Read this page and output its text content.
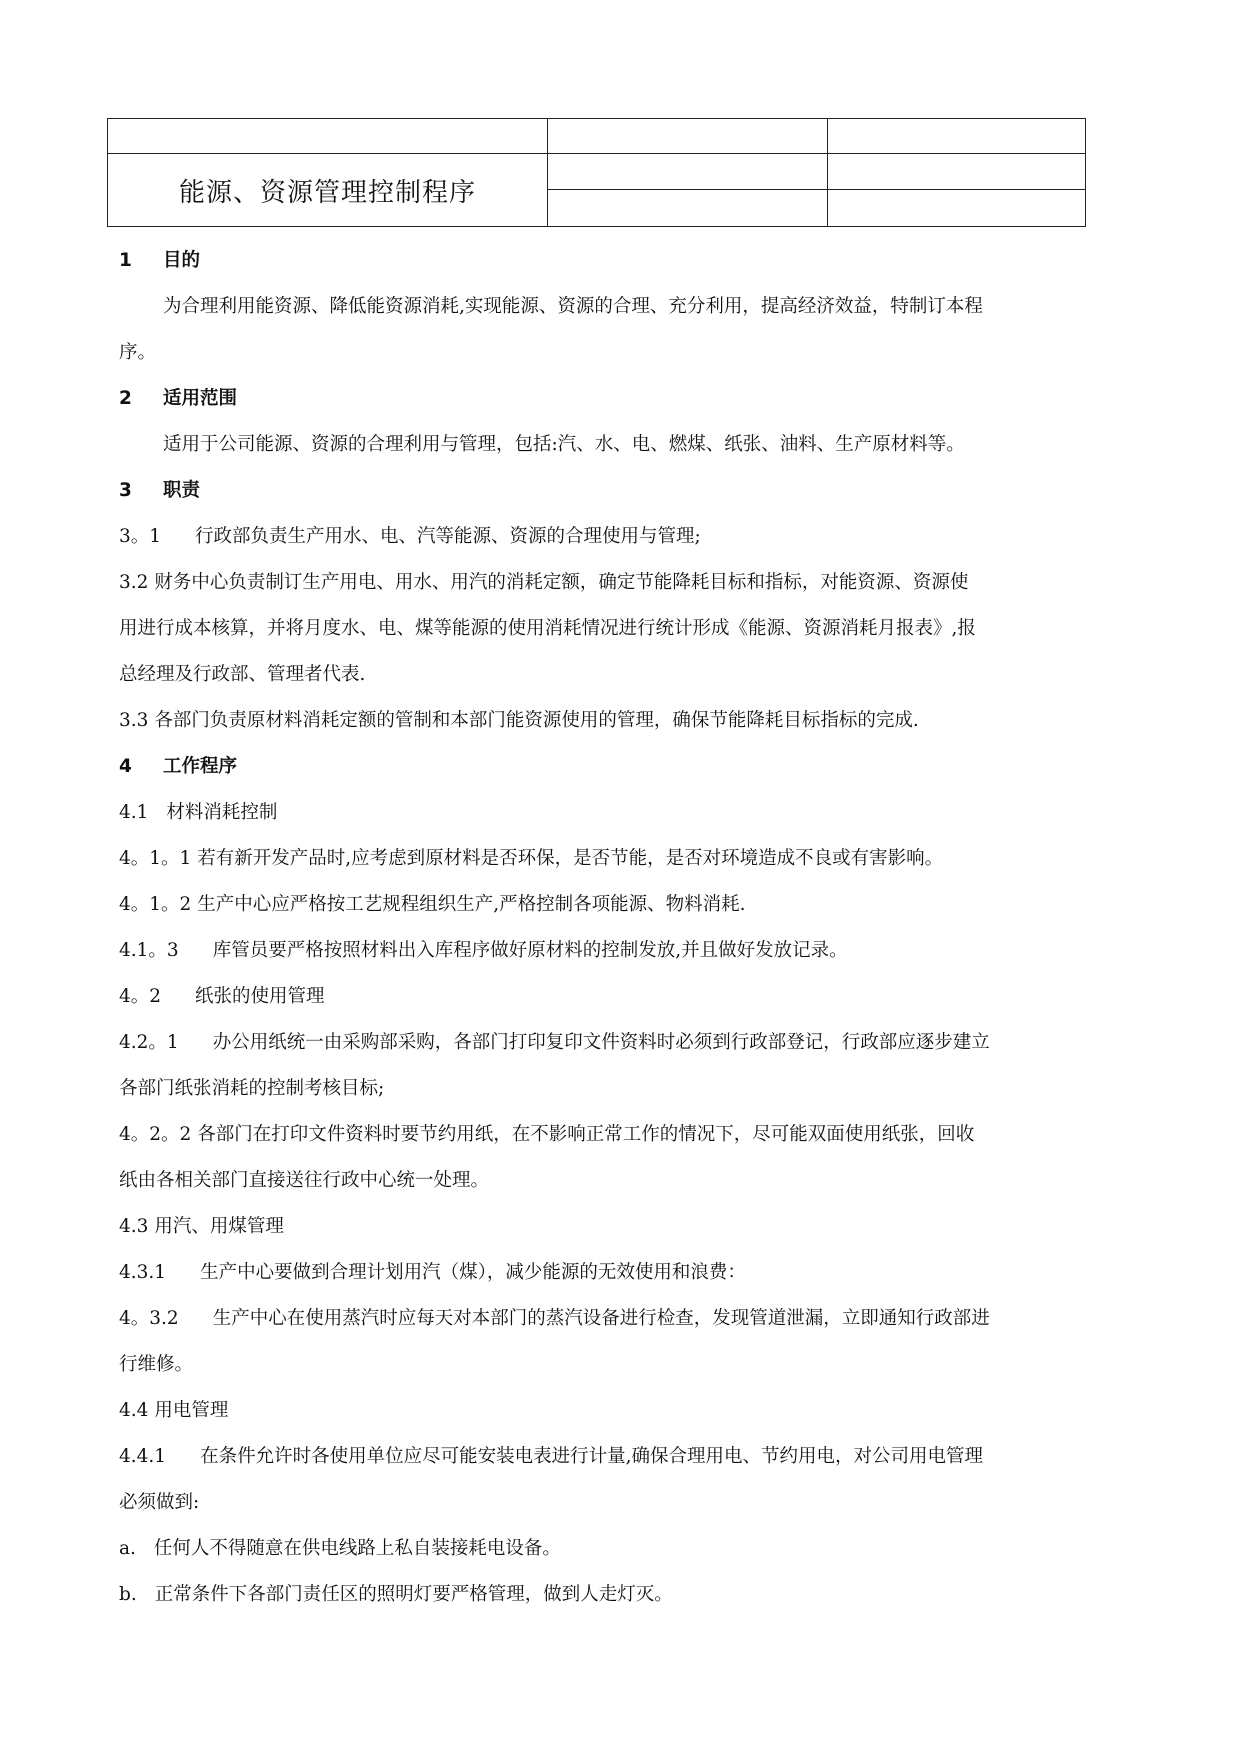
能源、资源管理控制程序		

1 目的
为合理利用能资源、降低能资源消耗,实现能源、资源的合理、充分利用，提高经济效益，特制订本程
序。
2 适用范围
适用于公司能源、资源的合理利用与管理，包括:汽、水、电、燃煤、纸张、油料、生产原材料等。
3 职责
3。1 行政部负责生产用水、电、汽等能源、资源的合理使用与管理;
3.2 财务中心负责制订生产用电、用水、用汽的消耗定额，确定节能降耗目标和指标，对能资源、资源使
用进行成本核算，并将月度水、电、煤等能源的使用消耗情况进行统计形成《能源、资源消耗月报表》,报
总经理及行政部、管理者代表.
3.3 各部门负责原材料消耗定额的管制和本部门能资源使用的管理，确保节能降耗目标指标的完成.
4 工作程序
4.1 材料消耗控制
4。1。1 若有新开发产品时,应考虑到原材料是否环保，是否节能，是否对环境造成不良或有害影响。
4。1。2 生产中心应严格按工艺规程组织生产,严格控制各项能源、物料消耗.
4.1。3 库管员要严格按照材料出入库程序做好原材料的控制发放,并且做好发放记录。
4。2 纸张的使用管理
4.2。1 办公用纸统一由采购部采购，各部门打印复印文件资料时必须到行政部登记，行政部应逐步建立
各部门纸张消耗的控制考核目标;
4。2。2 各部门在打印文件资料时要节约用纸，在不影响正常工作的情况下，尽可能双面使用纸张，回收
纸由各相关部门直接送往行政中心统一处理。
4.3 用汽、用煤管理
4.3.1 生产中心要做到合理计划用汽（煤），减少能源的无效使用和浪费：
4。3.2 生产中心在使用蒸汽时应每天对本部门的蒸汽设备进行检查，发现管道泄漏，立即通知行政部进
行维修。
4.4 用电管理
4.4.1 在条件允许时各使用单位应尽可能安装电表进行计量,确保合理用电、节约用电，对公司用电管理
必须做到:
a. 任何人不得随意在供电线路上私自装接耗电设备。
b. 正常条件下各部门责任区的照明灯要严格管理，做到人走灯灭。
